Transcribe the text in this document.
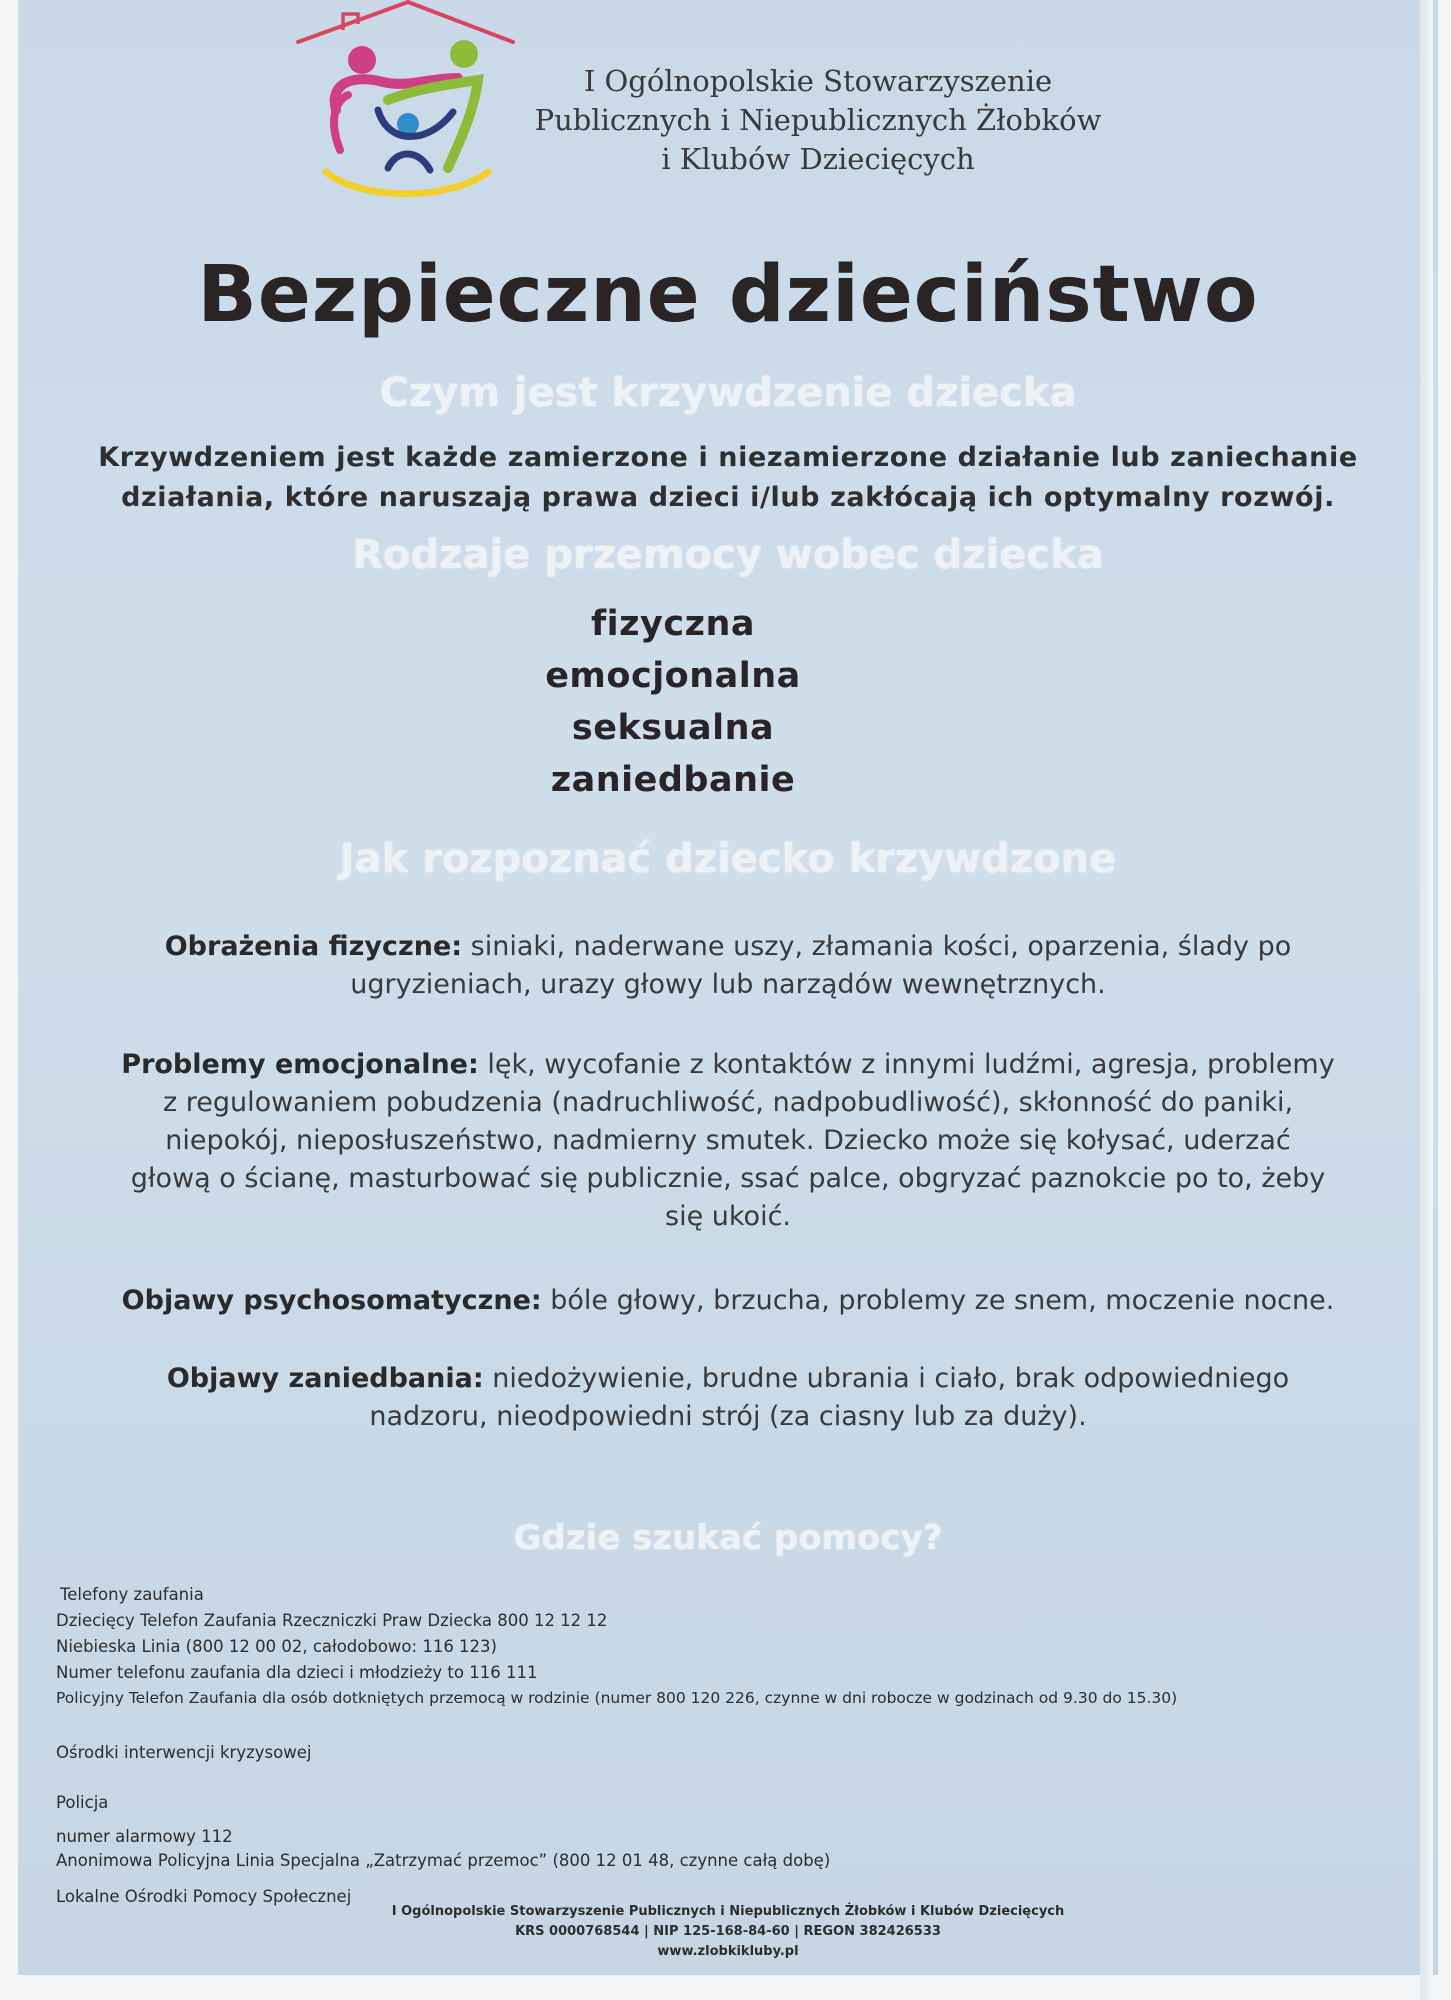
I Ogólnopolskie Stowarzyszenie
Publicznych i Niepublicznych Żłobków
i Klubów Dziecięcych
Bezpieczne dzieciństwo
Czym jest krzywdzenie dziecka
Krzywdzeniem jest każde zamierzone i niezamierzone działanie lub zaniechanie
działania, które naruszają prawa dzieci i/lub zakłócają ich optymalny rozwój.
Rodzaje przemocy wobec dziecka
fizyczna
emocjonalna
seksualna
zaniedbanie
Jak rozpoznać dziecko krzywdzone
Obrażenia fizyczne: siniaki, naderwane uszy, złamania kości, oparzenia, ślady po
ugryzieniach, urazy głowy lub narządów wewnętrznych.
Problemy emocjonalne: lęk, wycofanie z kontaktów z innymi ludźmi, agresja, problemy
z regulowaniem pobudzenia (nadruchliwość, nadpobudliwość), skłonność do paniki,
niepokój, nieposłuszeństwo, nadmierny smutek. Dziecko może się kołysać, uderzać
głową o ścianę, masturbować się publicznie, ssać palce, obgryzać paznokcie po to, żeby
się ukoić.
Objawy psychosomatyczne: bóle głowy, brzucha, problemy ze snem, moczenie nocne.
Objawy zaniedbania: niedożywienie, brudne ubrania i ciało, brak odpowiedniego
nadzoru, nieodpowiedni strój (za ciasny lub za duży).
Gdzie szukać pomocy?
Telefony zaufania
Dziecięcy Telefon Zaufania Rzeczniczki Praw Dziecka 800 12 12 12
Niebieska Linia (800 12 00 02, całodobowo: 116 123)
Numer telefonu zaufania dla dzieci i młodzieży to 116 111
Policyjny Telefon Zaufania dla osób dotkniętych przemocą w rodzinie (numer 800 120 226, czynne w dni robocze w godzinach od 9.30 do 15.30)
Ośrodki interwencji kryzysowej
Policja
numer alarmowy 112
Anonimowa Policyjna Linia Specjalna „Zatrzymać przemoc” (800 12 01 48, czynne całą dobę)
Lokalne Ośrodki Pomocy Społecznej
I Ogólnopolskie Stowarzyszenie Publicznych i Niepublicznych Żłobków i Klubów Dziecięcych
KRS 0000768544 | NIP 125-168-84-60 | REGON 382426533
www.zlobkikluby.pl
